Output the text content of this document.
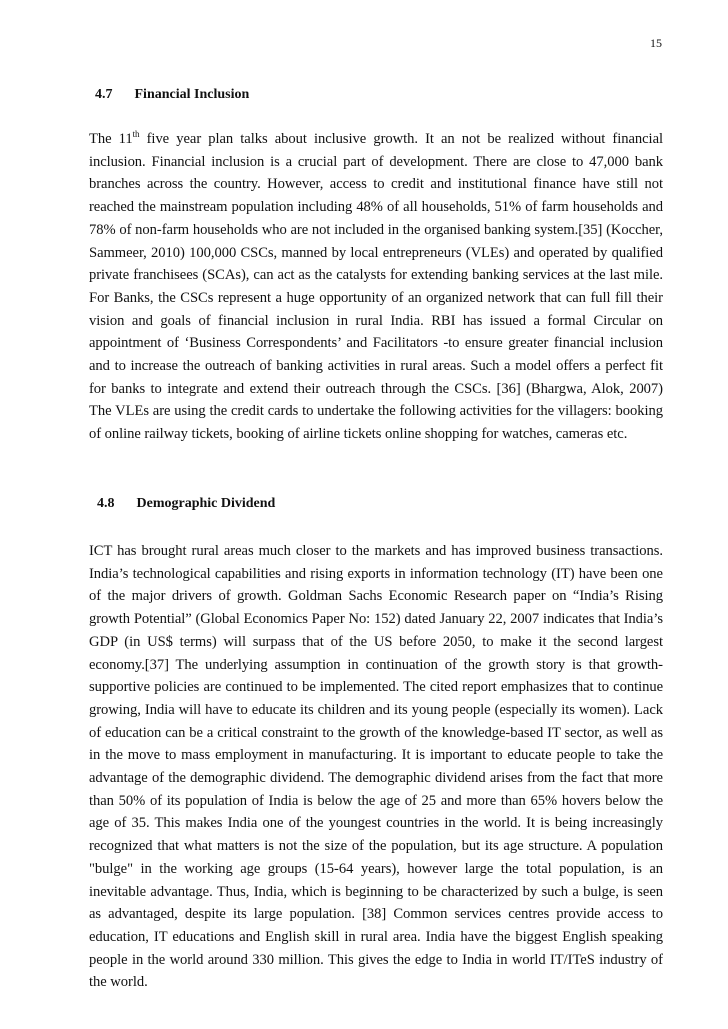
15
4.7 Financial Inclusion

The 11th five year plan talks about inclusive growth. It an not be realized without financial inclusion. Financial inclusion is a crucial part of development. There are close to 47,000 bank branches across the country. However, access to credit and institutional finance have still not reached the mainstream population including 48% of all households, 51% of farm households and 78% of non-farm households who are not included in the organised banking system.[35] (Koccher, Sammeer, 2010) 100,000 CSCs, manned by local entrepreneurs (VLEs) and operated by qualified private franchisees (SCAs), can act as the catalysts for extending banking services at the last mile. For Banks, the CSCs represent a huge opportunity of an organized network that can full fill their vision and goals of financial inclusion in rural India. RBI has issued a formal Circular on appointment of ‘Business Correspondents’ and Facilitators -to ensure greater financial inclusion and to increase the outreach of banking activities in rural areas. Such a model offers a perfect fit for banks to integrate and extend their outreach through the CSCs. [36] (Bhargwa, Alok, 2007) The VLEs are using the credit cards to undertake the following activities for the villagers: booking of online railway tickets, booking of airline tickets online shopping for watches, cameras etc.

4.8 Demographic Dividend

ICT has brought rural areas much closer to the markets and has improved business transactions. India’s technological capabilities and rising exports in information technology (IT) have been one of the major drivers of growth. Goldman Sachs Economic Research paper on “India’s Rising growth Potential” (Global Economics Paper No: 152) dated January 22, 2007 indicates that India’s GDP (in US$ terms) will surpass that of the US before 2050, to make it the second largest economy.[37] The underlying assumption in continuation of the growth story is that growth-supportive policies are continued to be implemented. The cited report emphasizes that to continue growing, India will have to educate its children and its young people (especially its women). Lack of education can be a critical constraint to the growth of the knowledge-based IT sector, as well as in the move to mass employment in manufacturing. It is important to educate people to take the advantage of the demographic dividend. The demographic dividend arises from the fact that more than 50% of its population of India is below the age of 25 and more than 65% hovers below the age of 35. This makes India one of the youngest countries in the world. It is being increasingly recognized that what matters is not the size of the population, but its age structure. A population "bulge" in the working age groups (15-64 years), however large the total population, is an inevitable advantage. Thus, India, which is beginning to be characterized by such a bulge, is seen as advantaged, despite its large population. [38] Common services centres provide access to education, IT educations and English skill in rural area. India have the biggest English speaking people in the world around 330 million. This gives the edge to India in world IT/ITeS industry of the world.
